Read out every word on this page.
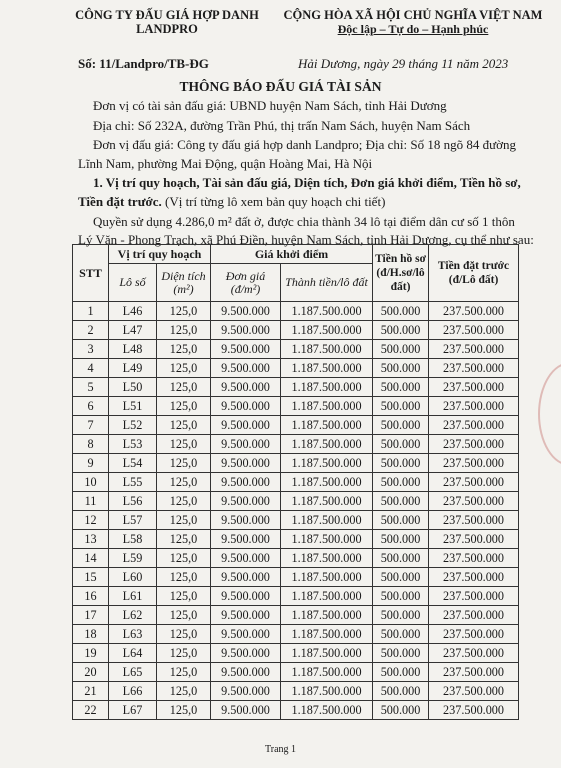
CÔNG TY ĐẤU GIÁ HỢP DANH
LANDPRO
CỘNG HÒA XÃ HỘI CHỦ NGHĨA VIỆT NAM
Độc lập – Tự do – Hạnh phúc
Số: 11/Landpro/TB-ĐG	Hải Dương, ngày 29 tháng 11 năm 2023
THÔNG BÁO ĐẤU GIÁ TÀI SẢN
Đơn vị có tài sản đấu giá: UBND huyện Nam Sách, tỉnh Hải Dương
Địa chỉ: Số 232A, đường Trần Phú, thị trấn Nam Sách, huyện Nam Sách
Đơn vị đấu giá: Công ty đấu giá hợp danh Landpro; Địa chỉ: Số 18 ngõ 84 đường
Lĩnh Nam, phường Mai Động, quận Hoàng Mai, Hà Nội
1. Vị trí quy hoạch, Tài sản đấu giá, Diện tích, Đơn giá khởi điểm, Tiền hồ sơ,
Tiền đặt trước. (Vị trí từng lô xem bản quy hoạch chi tiết)
Quyền sử dụng 4.286,0 m² đất ở, được chia thành 34 lô tại điểm dân cư số 1 thôn
Lý Văn - Phong Trạch, xã Phú Điền, huyện Nam Sách, tỉnh Hải Dương, cụ thể như sau:
STT	Vị trí quy hoạch		Giá khởi điểm		Tiền hồ sơ (đ/H.sơ/lô đất)	Tiền đặt trước (đ/Lô đất)
	Lô số	Diện tích (m²)	Đơn giá (đ/m²)	Thành tiền/lô đất		
1	L46	125,0	9.500.000	1.187.500.000	500.000	237.500.000
2	L47	125,0	9.500.000	1.187.500.000	500.000	237.500.000
3	L48	125,0	9.500.000	1.187.500.000	500.000	237.500.000
4	L49	125,0	9.500.000	1.187.500.000	500.000	237.500.000
5	L50	125,0	9.500.000	1.187.500.000	500.000	237.500.000
6	L51	125,0	9.500.000	1.187.500.000	500.000	237.500.000
7	L52	125,0	9.500.000	1.187.500.000	500.000	237.500.000
8	L53	125,0	9.500.000	1.187.500.000	500.000	237.500.000
9	L54	125,0	9.500.000	1.187.500.000	500.000	237.500.000
10	L55	125,0	9.500.000	1.187.500.000	500.000	237.500.000
11	L56	125,0	9.500.000	1.187.500.000	500.000	237.500.000
12	L57	125,0	9.500.000	1.187.500.000	500.000	237.500.000
13	L58	125,0	9.500.000	1.187.500.000	500.000	237.500.000
14	L59	125,0	9.500.000	1.187.500.000	500.000	237.500.000
15	L60	125,0	9.500.000	1.187.500.000	500.000	237.500.000
16	L61	125,0	9.500.000	1.187.500.000	500.000	237.500.000
17	L62	125,0	9.500.000	1.187.500.000	500.000	237.500.000
18	L63	125,0	9.500.000	1.187.500.000	500.000	237.500.000
19	L64	125,0	9.500.000	1.187.500.000	500.000	237.500.000
20	L65	125,0	9.500.000	1.187.500.000	500.000	237.500.000
21	L66	125,0	9.500.000	1.187.500.000	500.000	237.500.000
22	L67	125,0	9.500.000	1.187.500.000	500.000	237.500.000
Trang 1
